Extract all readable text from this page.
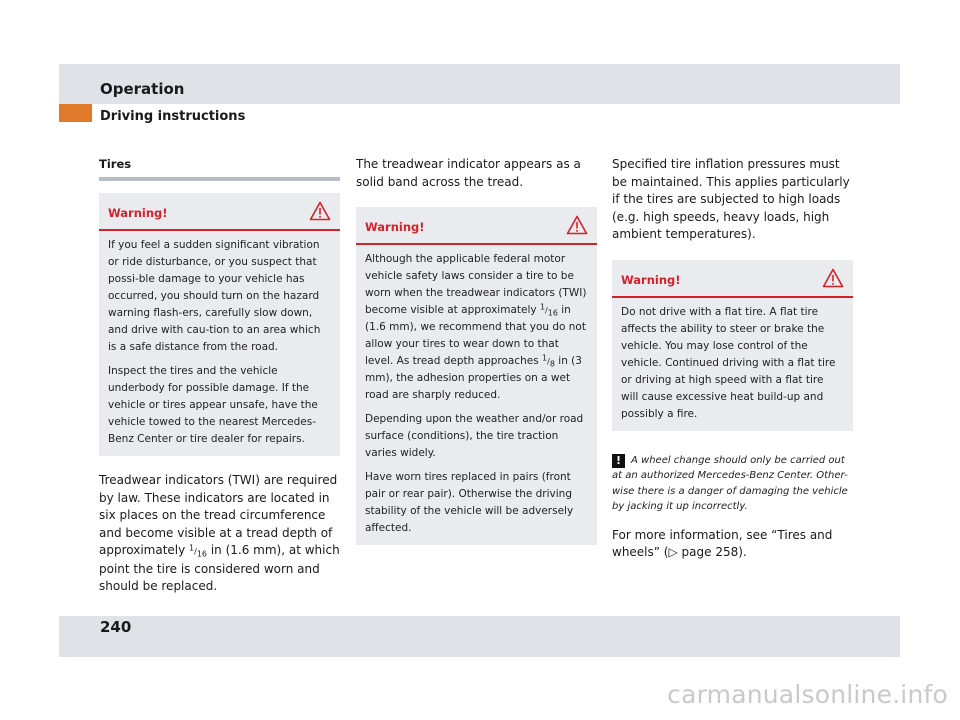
Operation
Driving instructions
Tires
Warning!

If you feel a sudden significant vibration or ride disturbance, or you suspect that possi-ble damage to your vehicle has occurred, you should turn on the hazard warning flash-ers, carefully slow down, and drive with cau-tion to an area which is a safe distance from the road.

Inspect the tires and the vehicle underbody for possible damage. If the vehicle or tires appear unsafe, have the vehicle towed to the nearest Mercedes-Benz Center or tire dealer for repairs.

Treadwear indicators (TWI) are required by law. These indicators are located in six places on the tread circumference and become visible at a tread depth of approximately $^1/_{16}$ in (1.6 mm), at which point the tire is considered worn and should be replaced.

The treadwear indicator appears as a solid band across the tread.

Warning!

Although the applicable federal motor vehicle safety laws consider a tire to be worn when the treadwear indicators (TWI) become visible at approximately $^1/_{16}$ in (1.6 mm), we recommend that you do not allow your tires to wear down to that level. As tread depth approaches $^1/_8$ in (3 mm), the adhesion properties on a wet road are sharply reduced.

Depending upon the weather and/or road surface (conditions), the tire traction varies widely.

Have worn tires replaced in pairs (front pair or rear pair). Otherwise the driving stability of the vehicle will be adversely affected.

Specified tire inflation pressures must be maintained. This applies particularly if the tires are subjected to high loads (e.g. high speeds, heavy loads, high ambient temperatures).

Warning!

Do not drive with a flat tire. A flat tire affects the ability to steer or brake the vehicle. You may lose control of the vehicle. Continued driving with a flat tire or driving at high speed with a flat tire will cause excessive heat build-up and possibly a fire.

! A wheel change should only be carried out at an authorized Mercedes-Benz Center. Other-wise there is a danger of damaging the vehicle by jacking it up incorrectly.

For more information, see “Tires and wheels” (▷ page 258).

240
carmanualsonline.info
